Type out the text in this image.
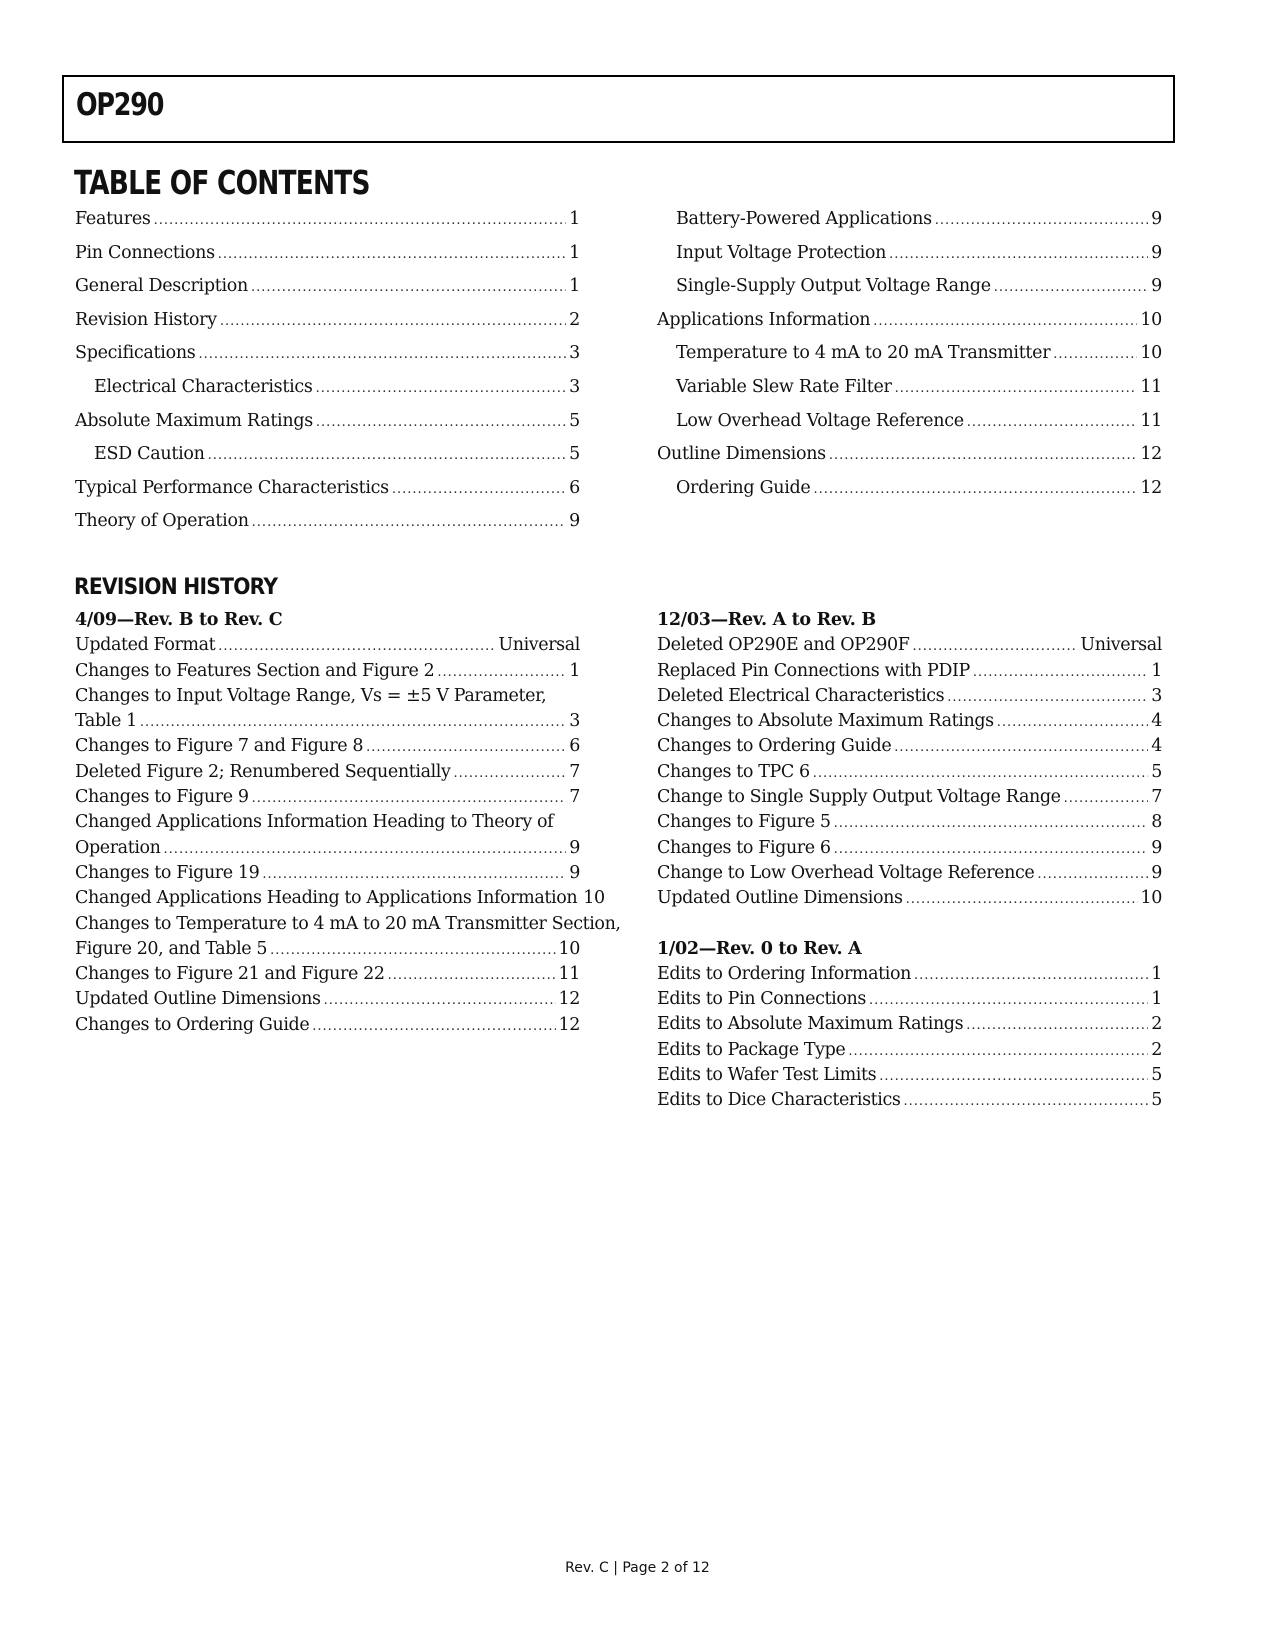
OP290
TABLE OF CONTENTS
Features .....	1
Pin Connections .....	1
General Description .....	1
Revision History .....	2
Specifications .....	3
Electrical Characteristics .....	3
Absolute Maximum Ratings .....	5
ESD Caution .....	5
Typical Performance Characteristics .....	6
Theory of Operation .....	9
Battery-Powered Applications .....	9
Input Voltage Protection .....	9
Single-Supply Output Voltage Range .....	9
Applications Information .....	10
Temperature to 4 mA to 20 mA Transmitter .....	10
Variable Slew Rate Filter .....	11
Low Overhead Voltage Reference .....	11
Outline Dimensions .....	12
Ordering Guide .....	12
REVISION HISTORY
4/09—Rev. B to Rev. C
Updated Format .....	Universal
Changes to Features Section and Figure 2 .....	1
Changes to Input Voltage Range, Vs = ±5 V Parameter,
Table 1 .....	3
Changes to Figure 7 and Figure 8 .....	6
Deleted Figure 2; Renumbered Sequentially .....	7
Changes to Figure 9 .....	7
Changed Applications Information Heading to Theory of
Operation .....	9
Changes to Figure 19 .....	9
Changed Applications Heading to Applications Information 10
Changes to Temperature to 4 mA to 20 mA Transmitter Section,
Figure 20, and Table 5 .....	10
Changes to Figure 21 and Figure 22 .....	11
Updated Outline Dimensions .....	12
Changes to Ordering Guide .....	12
12/03—Rev. A to Rev. B
Deleted OP290E and OP290F .....	Universal
Replaced Pin Connections with PDIP .....	1
Deleted Electrical Characteristics .....	3
Changes to Absolute Maximum Ratings .....	4
Changes to Ordering Guide .....	4
Changes to TPC 6 .....	5
Change to Single Supply Output Voltage Range .....	7
Changes to Figure 5 .....	8
Changes to Figure 6 .....	9
Change to Low Overhead Voltage Reference .....	9
Updated Outline Dimensions .....	10
1/02—Rev. 0 to Rev. A
Edits to Ordering Information .....	1
Edits to Pin Connections .....	1
Edits to Absolute Maximum Ratings .....	2
Edits to Package Type .....	2
Edits to Wafer Test Limits .....	5
Edits to Dice Characteristics .....	5
Rev. C | Page 2 of 12
